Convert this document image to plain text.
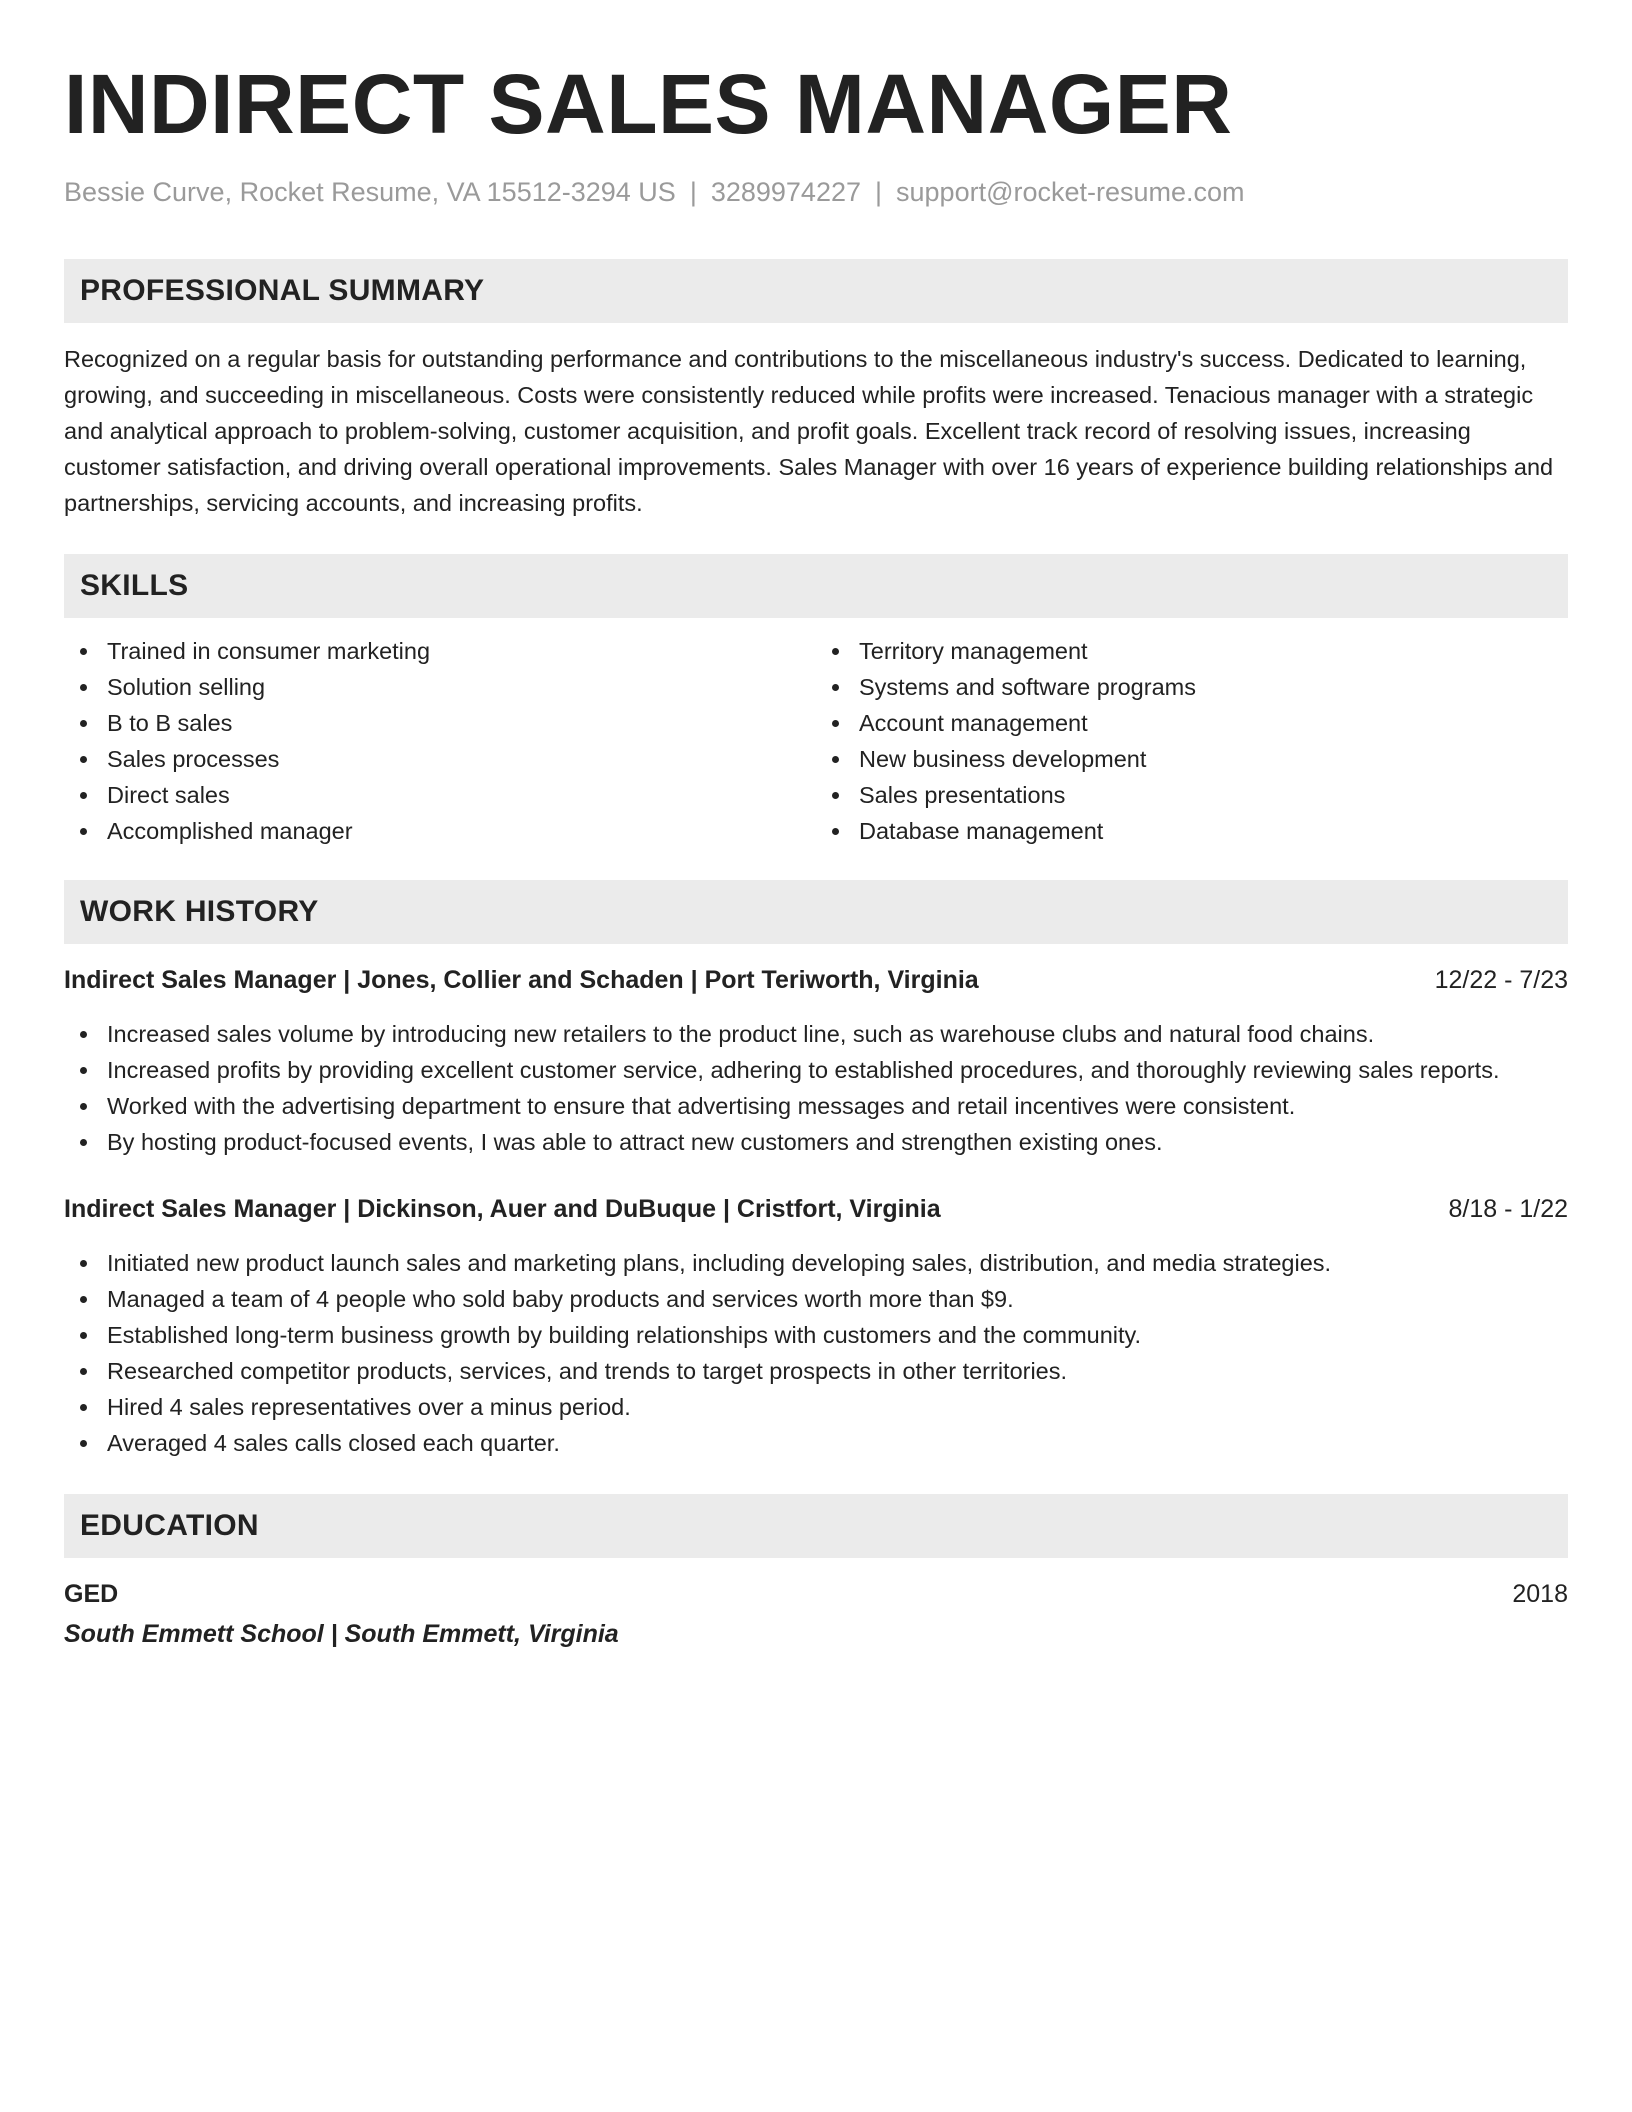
INDIRECT SALES MANAGER
Bessie Curve, Rocket Resume, VA 15512-3294 US | 3289974227 | support@rocket-resume.com
PROFESSIONAL SUMMARY

Recognized on a regular basis for outstanding performance and contributions to the miscellaneous industry's success. Dedicated to learning, growing, and succeeding in miscellaneous. Costs were consistently reduced while profits were increased. Tenacious manager with a strategic and analytical approach to problem-solving, customer acquisition, and profit goals. Excellent track record of resolving issues, increasing customer satisfaction, and driving overall operational improvements. Sales Manager with over 16 years of experience building relationships and partnerships, servicing accounts, and increasing profits.

SKILLS
Trained in consumer marketing
Solution selling
B to B sales
Sales processes
Direct sales
Accomplished manager
Territory management
Systems and software programs
Account management
New business development
Sales presentations
Database management
WORK HISTORY
Indirect Sales Manager | Jones, Collier and Schaden | Port Teriworth, Virginia	12/22 - 7/23
Increased sales volume by introducing new retailers to the product line, such as warehouse clubs and natural food chains.
Increased profits by providing excellent customer service, adhering to established procedures, and thoroughly reviewing sales reports.
Worked with the advertising department to ensure that advertising messages and retail incentives were consistent.
By hosting product-focused events, I was able to attract new customers and strengthen existing ones.
Indirect Sales Manager | Dickinson, Auer and DuBuque | Cristfort, Virginia	8/18 - 1/22
Initiated new product launch sales and marketing plans, including developing sales, distribution, and media strategies.
Managed a team of 4 people who sold baby products and services worth more than $9.
Established long-term business growth by building relationships with customers and the community.
Researched competitor products, services, and trends to target prospects in other territories.
Hired 4 sales representatives over a minus period.
Averaged 4 sales calls closed each quarter.
EDUCATION
GED	2018
South Emmett School | South Emmett, Virginia
